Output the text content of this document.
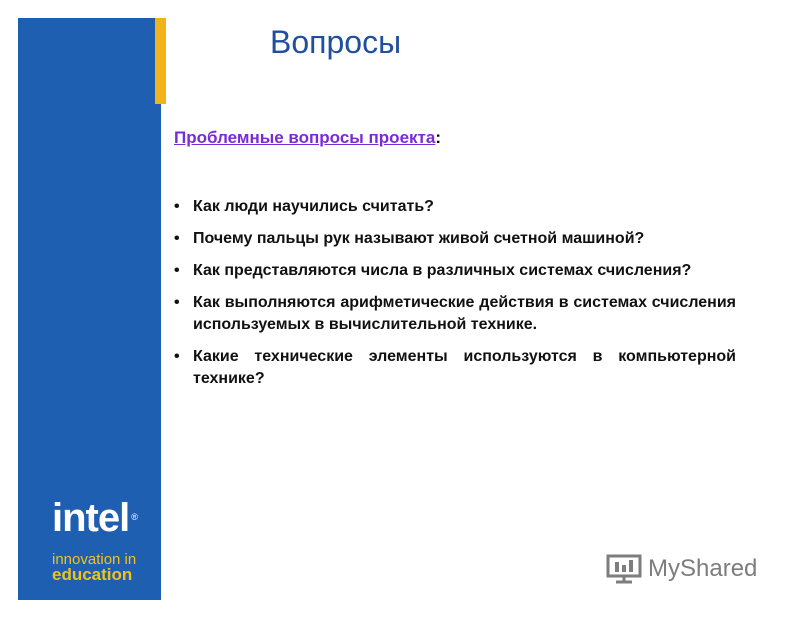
intel ®
innovation in
education
Вопросы
Проблемные вопросы проекта:
• Как люди научились считать?
• Почему пальцы рук называют живой счетной машиной?
• Как представляются числа в различных системах счисления?
• Как выполняются арифметические действия в системах счисления используемых в вычислительной технике.
• Какие технические элементы используются в компьютерной технике?
MyShared
